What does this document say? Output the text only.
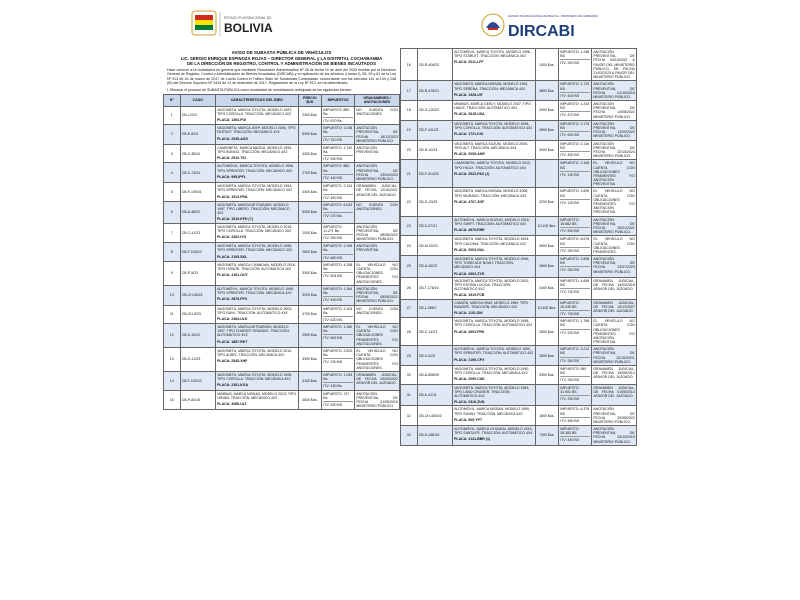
ESTADO PLURINACIONAL DE
BOLIVIA
ESTADO PLURINACIONAL DE BOLIVIA · MINISTERIO DE GOBIERNO
DIRCABI
AVISO DE SUBASTA PÚBLICA DE VEHÍCULOS
LIC. SERGIO ENRIQUE ESPINOZA ROJAS – DIRECTOR GENERAL y LA DISTRITAL COCHABAMBA
DE LA DIRECCIÓN DE REGISTRO, CONTROL Y ADMINISTRACIÓN DE BIENES INCAUTADOS
Hace conocer a la ciudadanía en general que mediante Resolución Administrativa Nº 35 de fecha 10 de abril del 2025 emitida por la Dirección General de Registro, Control y Administración de Bienes Incautados (DIRCABI) y en aplicación de los artículos 4 inciso f), 55, 59 y 61 de la Ley Nº 913 de 16 de marzo de 2017 de Lucha Contra el Tráfico Ilícito de Sustancias Controladas, concordante con los artículos 141 al 144 y 148 (III) del Decreto Supremo Nº 3434 de 13 de diciembre de 2017, Reglamento de la Ley Nº 913, se ha determinado:
I. Efectuar el proceso de SUBASTA PÚBLICA como modalidad de monetización anticipada de los siguientes bienes:
Nº	CASO	CARACTERÍSTICAS DEL BIEN	PRECIO $US	IMPUESTOS	GRAVÁMENES / ANOTACIONES
1	CB-I-2/23	VAGONETA, MARCA TOYOTA, MODELO 1997, TIPO COROLLA. TRACCIÓN: MECÁNICO 4X2
PLACA: 1364-FGI	2400 $us.	IMPUESTO: 850 Bs.
ITV: 670 Bs.	NO CUENTA CON ANOTACIONES.
2	CB-E-8/23	VAGONETA, MARCA JEEP, MODELO 2006, TIPO PATRIOT. TRACCIÓN: MECÁNICO 4X4
PLACA: 2035-AIZX	6300 $us.	IMPUESTO: 1.038 Bs.
ITV: 310 BS.	ANOTACIÓN PREVENTIVA, DE FECHA 18/12/2023 MINISTERIO PÚBLICO
3	CB-X-35/24	CAMIONETA, MARCA MAZDA, MODELO 1994, TIPO BONGO. TRACCIÓN: MECÁNICO 4X2
PLACA: 2510-TSI	4300 $us.	IMPUESTO: 1.742 Bs.
ITV: 530 BS.	ANOTACIÓN PREVENTIVA.
4	CB-X-73/24	AUTOMÓVIL, MARCA TOYOTA, MODELO 1996, TIPO SPRINTER. TRACCIÓN: MECÁNICO 4X2
PLACA: 998-IPFL	2700 $us.	IMPUESTO: 860 Bs.
ITV: 440 BS.	ANOTACIÓN PREVENTIVA, DE FECHA 23/04/2024 MINISTERIO PÚBLICO.
5	CB-F-105/21	VAGONETA, MARCA TOYOTA, MODELO 1994, TIPO SPRINTER. TRACCIÓN: MECÁNICO 4X2
PLACA: 1913-FRA	3400 $us.	IMPUESTO: 2.124 Bs.
ITV: 450 BS.	GRAVAMEN JUDICIAL, DE FECHA 12/10/2021 AFAVOR DEL JUZGADO.
6	CB-A-48/22	VAGONETA, MARCA MITSUBISHI, MODELO 1997, TIPO LIBERO. TRACCIÓN: MECÁNICO 4X2
PLACA: 1819-KFH (?)	3200 $us.	IMPUESTO: 6.043 Bs.
ITV: 370 Bs.	NO CUENTA CON ANOTACIONES.
7	CB-C-41/22	VAGONETA, MARCA TOYOTA, MODELO 2015, TIPO COROLLA. TRACCIÓN: MECÁNICO 4X2
PLACA: 4262-IYG	1000 $us.	IMPUESTO: 11.271 Bs.
ITV: 390 BS.	ANOTACIÓN PREVENTIVA, DE FECHA 08/08/2022 MINISTERIO PÚBLICO.
8	CB-T-104/22	VAGONETA, MARCA TOYOTA, MODELO 1996, TIPO SPRINTER. TRACCIÓN: MECÁNICO 4X2
PLACA: 2195-SKL	2600 $us.	IMPUESTO: 2.199 Bs.
ITV: 680 BS.	ANOTACIÓN PREVENTIVA.
9	CB-P-5/23	VAGONETA, MARCA CHANGAN, MODELO 2016, TIPO HONOR. TRACCIÓN: AUTOMÁTICA 4X2
PLACA: 4161-GUY	3300 $us.	IMPUESTO: 4.258 Bs.
ITV: 504 BS.	EL VEHÍCULO NO CUENTA CON OBLIGACIONES PENDIENTES Y/O ANOTACIONES.
10	CB-CH-60/21	AUTOMÓVIL, MARCA TOYOTA, MODELO 1995, TIPO SPRINTER. TRACCIÓN: MECÁNICA 4X2
PLACA: 2875-FFG	3200 $us.	IMPUESTO: 1.354 Bs.
ITV: 490 BS.	ANOTACIÓN PREVENTIVA, DE FECHA 08/08/2022 MINISTERIO PÚBLICO.
11	CB-CH-9/23	VAGONETA, MARCA TOYOTA, MODELO 2003, TIPO RAV4. TRACCIÓN: AUTOMÁTICO 4X4
PLACA: 2464-ULK	4700 $us.	IMPUESTO: 2.103 Bs.
ITV: 620 BS.	NO CUENTA CON ANOTACIONES.
12	CB-S-19/22	VAGONETA, MARCA MITSUBISHI, MODELO 1997, TIPO CHARIOT GRANDIS. TRACCIÓN: AUTOMÁTICO 4X2
PLACA: 1887-RKT	2900 $us.	IMPUESTO: 1.180 Bs.
ITV: 562 BS.	EL VEHÍCULO NO CUENTA CON OBLIGACIONES PENDIENTES Y/O ANOTACIONES.
13	CB-G-12/23	VAGONETA, MARCA TOYOTA, MODELO 2010, TIPO AURIS. TRACCIÓN: MECÁNICA 4X2
PLACA: 2545-XHF	3300 $us.	IMPUESTO: 2.502 Bs.
ITV: 230 BS.	EL VEHÍCULO NO CUENTA CON OBLIGACIONES PENDIENTES Y/O ANOTACIONES.
14	CB-T-102/22	VAGONETA, MARCA TOYOTA, MODELO 1995, TIPO COROLLA. TRACCIÓN: MECÁNICA 4X2
PLACA: 2281-KGA	3100 $us.	IMPUESTO: 1.053 Bs.
ITV: 430 Bs.	GRAVAMEN JUDICIAL, DE FECHA 09/03/2022 AFAVOR DEL JUZGADO.
15	CB-P-83/15	MINIBUS, MARCA NISSAN, MODELO 2013, TIPO URVAN. TRACCIÓN: MECÁNICO 4X2
PLACA: 3088-ULT.	3600 $us.	IMPUESTO: 747 Bs.
ITV: 330 BS.	ANOTACIÓN PREVENTIVA, DE FECHA 21/05/2015 MINISTERIO PÚBLICO.
16	CB-R-406/22	AUTOMÓVIL, MARCA TOYOTA, MODELO 1996, TIPO STARLET. TRACCIÓN: MECÁNICA 4X2
PLACA: 2011-LFF	2400 $us.	IMPUESTO: 1.248 BS
ITV: 330 BS	ANOTACIÓN PREVENTIVA, DE FECHA 04/10/2021 A FAVOR DEL MINISTERIO PÚBLICO, DE FECHA 21/03/2023 A FAVOR DEL MINISTERIO PÚBLICO
17	CB-R-476/21	VAGONETA, MARCA NISSAN, MODELO 1994, TIPO SERENA. TRACCIÓN: MECÁNICA 4X2
PLACA: 1926-UIT	3800 $us.	IMPUESTO: 1.729 BS
ITV: 400 BS	ANOTACIÓN PREVENTIVA, DE FECHA 01/10/2015 MINISTERIO PÚBLICO.
18	CB-G-120/22	MINIBUS, MARCA GEELY, MODELO 2007, TIPO HIACE. TRACCIÓN: AUTOMÁTICO 4X2
PLACA: 2618-USA	2900 $us.	IMPUESTO: 1.242 BS
ITV: 470 BS	ANOTACIÓN PREVENTIVA, DE FECHA 14/08/2022 MINISTERIO PÚBLICO.
19	CB-F-101/21	VAGONETA, MARCA TOYOTA, MODELO 1998, TIPO COROLLA. TRACCIÓN: AUTOMÁTICO 4X2
PLACA: 1721-KIU	2800 $us.	IMPUESTO: 2.179 BS
ITV: 630 BS	ANOTACIÓN PREVENTIVA, DE FECHA 11/09/2022 MINISTERIO PÚBLICO.
20	CB-H-10/23	VAGONETA, MARCA SUZUKI, MODELO 2006, TIPO ALT. TRACCIÓN: MECÁNICA 4X4
PLACA: 2008-AKR	3000 $us.	IMPUESTO: 2.116 BS
ITV: 450 BS	ANOTACIÓN PREVENTIVA, DE FECHA 22/10/2023 MINISTERIO PÚBLICO.
21	CB-F-314/22	CAMIONETA, MARCA TOYOTA, MODELO 2012, TIPO HILUX. TRACCIÓN: AUTOMÁTICO 4X4
PLACA: 2522-PAX (1)		IMPUESTO: 2.346 BS
ITV: 130 BS	EL VEHÍCULO NO CUENTA CON OBLIGACIONES PENDIENTES Y/O ANOTACIÓN PREVENTIVA
22	CB-G-23/23	VAGONETA, MARCA NISSAN, MODELO 2008, TIPO MURANO. TRACCIÓN: MECÁNICA 4X2
PLACA: 4707-ZGF	3200 $us.	IMPUESTO: 1.600 BS
ITV: 130 BS	EL VEHÍCULO NO CUENTA CON OBLIGACIONES PENDIENTES Y/O ANOTACIÓN PREVENTIVA
23	CB-C-67/21	AUTOMÓVIL, MARCA SUZUKI, MODELO 2016, TIPO SWIFT. TRACCIÓN: AUTOMÁTICO 4X2
PLACA: 4879-RHE	10.100 $us.	IMPUESTO: 18.582 BS
ITV: 530 BS	ANOTACIÓN PREVENTIVA, DE FECHA 25/01/2021 MINISTERIO PÚBLICO.
24	CB-M-30/23	VAGONETA, MARCA TOYOTA, MODELO 1994, TIPO CALDINA. TRACCIÓN: MECÁNICA 4X2
PLACA: 2003-GAL	3500 $us.	IMPUESTO: 6.675 BS
ITV: 330 BS	EL VEHÍCULO NO CUENTA CON OBLIGACIONES PENDIENTES.
25	CB-A-26/23	VAGONETA, MARCA TOYOTA, MODELO 1996, TIPO TOWN ACE NOAH. TRACCIÓN: MECÁNICO 4X4
PLACA: 2692-ZYD	2600 $us.	IMPUESTO: 1.808 BS
ITV: 250 BS	ANOTACIÓN PREVENTIVA, DE FECHA 23/07/2023 MINISTERIO PÚBLICO.
26	CB-T-176/16	VAGONETA, MARCA TOYOTA, MODELO 2002, TIPO ESTIMA LUCIDA. TRACCIÓN: AUTOMÁTICO 4X2
PLACA: 1919-FCB	2400 $us.	IMPUESTO: 4.699 BS
ITV: 730 BS	GRAVAMEN JUDICIAL, DE FECHA 14/03/2016 AFAVOR DEL JUZGADO.
27	CB-L-289/7	CAMIÓN, MARCA HINO, MODELO 1989, TIPO RANGER. TRACCIÓN: MECÁNICO 4X2
PLACA: 1101-SIK	10.400 $us.	IMPUESTO: 26.035 BS
ITV: 730 BS	GRAVAMEN JUDICIAL, DE FECHA 10/12/2007 AFAVOR DEL JUZGADO.
28	CB-C-14/23	VAGONETA, MARCA TOYOTA, MODELO 1998, TIPO COROLLA. TRACCIÓN: AUTOMÁTICO 4X2
PLACA: 2603-FRK	2600 $us.	IMPUESTO: 1.766 BS
ITV: 230 BS	EL VEHÍCULO NO CUENTA CON OBLIGACIONES PENDIENTES Y/O ANOTACIÓN PREVENTIVA.
29	CB-V-4/23	AUTOMÓVIL, MARCA TOYOTA, MODELO 1990, TIPO SPRINTER. TRACCIÓN: AUTOMÁTICO 4X2
PLACA: 2196-CPX	2500 $us.	IMPUESTO: 2.212 BS
ITV: 350 BS	ANOTACIÓN PREVENTIVA, DE FECHA 22/10/2023, MINISTERIO PÚBLICO.
30	CB-A-808/09	VAGONETA, MARCA TOYOTA, MODELO 1990, TIPO COROLLA. TRACCIÓN: MECÁNICA 4X2
PLACA: 2090-CUK	3300 $us.	IMPUESTO: 950 BS
ITV: 330 BS	GRAVAMEN JUDICIAL, DE FECHA 19/08/2014 AFAVOR DEL JUZGADO.
31	CB-K-41/11	VAGONETA, MARCA TOYOTA, MODELO 1989, TIPO LAND CRUISER. TRACCIÓN: AUTOMÁTICO 4X4
PLACA: 2316-ZUN		IMPUESTO: 31.901 BS
ITV: 330 BS	GRAVAMEN JUDICIAL, DE FECHA 01/08/2014 AFAVOR DEL JUZGADO.
32	CB-CH-405/22	AUTOMÓVIL, MARCA NISSAN, MODELO 1990, TIPO SUNNY. TRACCIÓN: MECÁNICA 4X2
PLACA: 905-YPT	1600 $us.	IMPUESTO: 6.379 BS
ITV: 450 BS	ANOTACIÓN PREVENTIVA, DE FECHA 29/08/2022 MINISTERIO PÚBLICO.
33	CB-G-485/19	AUTOMÓVIL, MARCA HYUNDAI, MODELO 2015, TIPO SANTA FE. TRACCIÓN: AUTOMÁTICO 4X4
PLACA: 4141-BBR (1)	7300 $us.	IMPUESTO: 28.383 BS
ITV: 450 BS	ANOTACIÓN PREVENTIVA, DE FECHA 24/10/2019 MINISTERIO PÚBLICO.
